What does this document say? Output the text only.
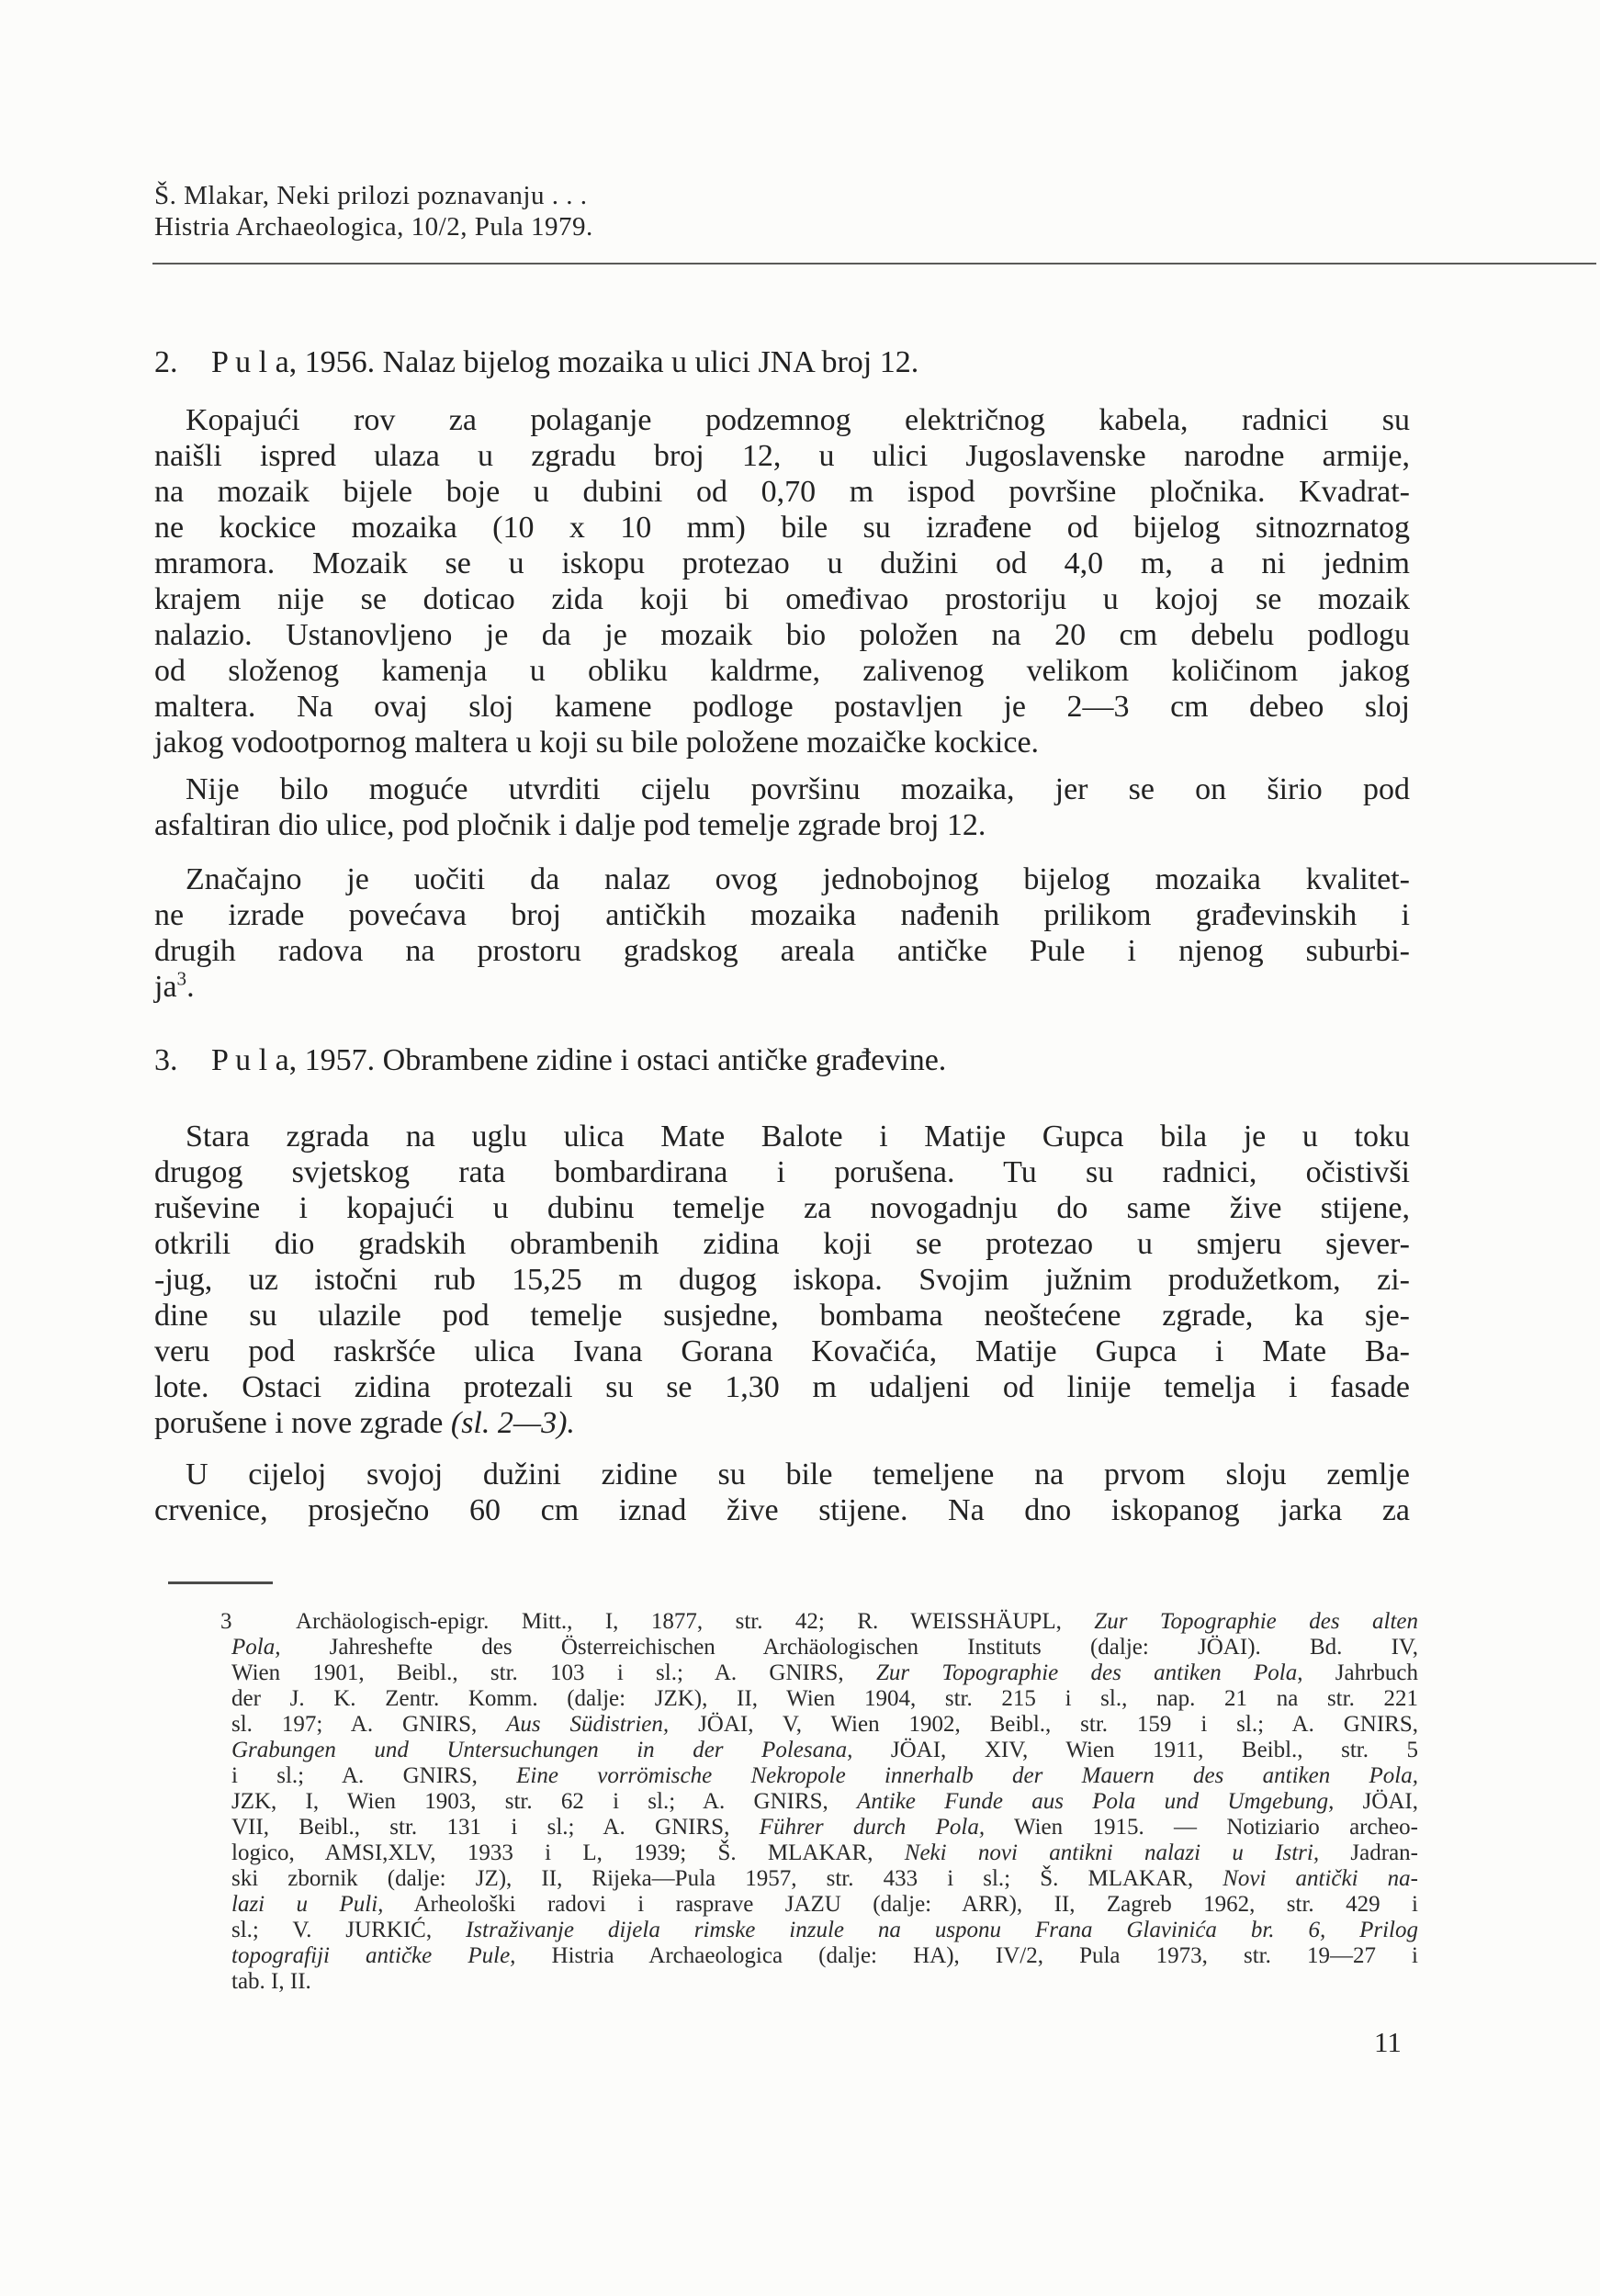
Š. Mlakar, Neki prilozi poznavanju . . .
Histria Archaeologica, 10/2, Pula 1979.
2. P u l a, 1956. Nalaz bijelog mozaika u ulici JNA broj 12.
Kopajući rov za polaganje podzemnog električnog kabela, radnici su
naišli ispred ulaza u zgradu broj 12, u ulici Jugoslavenske narodne armije,
na mozaik bijele boje u dubini od 0,70 m ispod površine pločnika. Kvadrat-
ne kockice mozaika (10 x 10 mm) bile su izrađene od bijelog sitnozrnatog
mramora. Mozaik se u iskopu protezao u dužini od 4,0 m, a ni jednim
krajem nije se doticao zida koji bi omeđivao prostoriju u kojoj se mozaik
nalazio. Ustanovljeno je da je mozaik bio položen na 20 cm debelu podlogu
od složenog kamenja u obliku kaldrme, zalivenog velikom količinom jakog
maltera. Na ovaj sloj kamene podloge postavljen je 2—3 cm debeo sloj
jakog vodootpornog maltera u koji su bile položene mozaičke kockice.
Nije bilo moguće utvrditi cijelu površinu mozaika, jer se on širio pod
asfaltiran dio ulice, pod pločnik i dalje pod temelje zgrade broj 12.
Značajno je uočiti da nalaz ovog jednobojnog bijelog mozaika kvalitet-
ne izrade povećava broj antičkih mozaika nađenih prilikom građevinskih i
drugih radova na prostoru gradskog areala antičke Pule i njenog suburbi-
$ja^3$.
3. P u l a, 1957. Obrambene zidine i ostaci antičke građevine.
Stara zgrada na uglu ulica Mate Balote i Matije Gupca bila je u toku
drugog svjetskog rata bombardirana i porušena. Tu su radnici, očistivši
ruševine i kopajući u dubinu temelje za novogadnju do same žive stijene,
otkrili dio gradskih obrambenih zidina koji se protezao u smjeru sjever-
-jug, uz istočni rub 15,25 m dugog iskopa. Svojim južnim produžetkom, zi-
dine su ulazile pod temelje susjedne, bombama neoštećene zgrade, ka sje-
veru pod raskršće ulica Ivana Gorana Kovačića, Matije Gupca i Mate Ba-
lote. Ostaci zidina protezali su se 1,30 m udaljeni od linije temelja i fasade
porušene i nove zgrade (sl. 2—3).
U cijeloj svojoj dužini zidine su bile temeljene na prvom sloju zemlje
crvenice, prosječno 60 cm iznad žive stijene. Na dno iskopanog jarka za
3  Archäologisch-epigr. Mitt., I, 1877, str. 42; R. WEISSHÄUPL, Zur Topographie des alten
Pola, Jahreshefte des Österreichischen Archäologischen Instituts (dalje: JÖAI). Bd. IV,
Wien 1901, Beibl., str. 103 i sl.; A. GNIRS, Zur Topographie des antiken Pola, Jahrbuch
der J. K. Zentr. Komm. (dalje: JZK), II, Wien 1904, str. 215 i sl., nap. 21 na str. 221
sl. 197; A. GNIRS, Aus Südistrien, JÖAI, V, Wien 1902, Beibl., str. 159 i sl.; A. GNIRS,
Grabungen und Untersuchungen in der Polesana, JÖAI, XIV, Wien 1911, Beibl., str. 5
i sl.; A. GNIRS, Eine vorrömische Nekropole innerhalb der Mauern des antiken Pola,
JZK, I, Wien 1903, str. 62 i sl.; A. GNIRS, Antike Funde aus Pola und Umgebung, JÖAI,
VII, Beibl., str. 131 i sl.; A. GNIRS, Führer durch Pola, Wien 1915. — Notiziario archeo-
logico, AMSI,XLV, 1933 i L, 1939; Š. MLAKAR, Neki novi antikni nalazi u Istri, Jadran-
ski zbornik (dalje: JZ), II, Rijeka—Pula 1957, str. 433 i sl.; Š. MLAKAR, Novi antički na-
lazi u Puli, Arheološki radovi i rasprave JAZU (dalje: ARR), II, Zagreb 1962, str. 429 i
sl.; V. JURKIĆ, Istraživanje dijela rimske inzule na usponu Frana Glavinića br. 6, Prilog
topografiji antičke Pule, Histria Archaeologica (dalje: HA), IV/2, Pula 1973, str. 19—27 i
tab. I, II.
11
